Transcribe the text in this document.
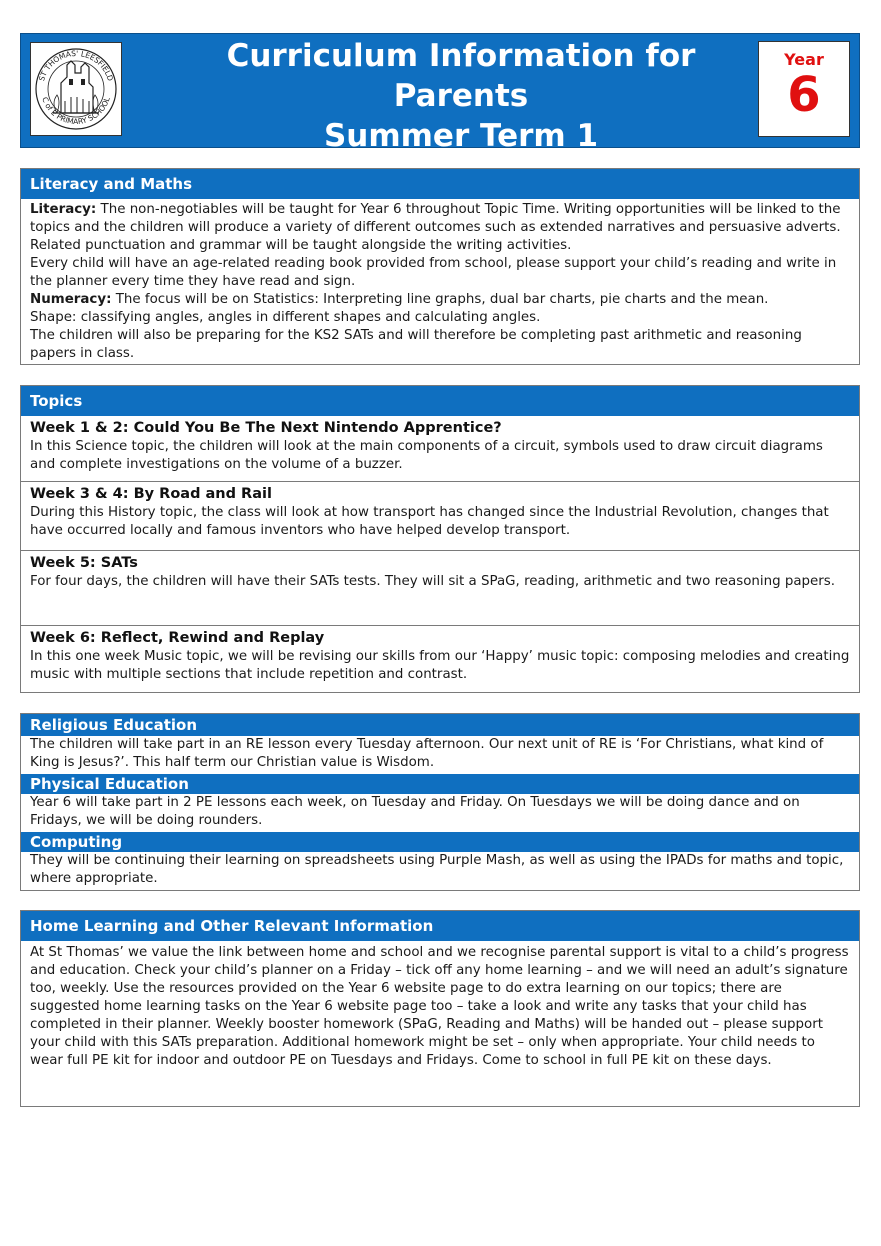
ST THOMAS' LEESFIELD
C of E PRIMARY SCHOOL
Curriculum Information for Parents
Summer Term 1
Year
6
Literacy and Maths
Literacy: The non-negotiables will be taught for Year 6 throughout Topic Time. Writing opportunities will be linked to the topics and the children will produce a variety of different outcomes such as extended narratives and persuasive adverts. Related punctuation and grammar will be taught alongside the writing activities.
Every child will have an age-related reading book provided from school, please support your child’s reading and write in the planner every time they have read and sign.
Numeracy: The focus will be on Statistics: Interpreting line graphs, dual bar charts, pie charts and the mean.
Shape: classifying angles, angles in different shapes and calculating angles.
The children will also be preparing for the KS2 SATs and will therefore be completing past arithmetic and reasoning papers in class.
Topics
Week 1 & 2: Could You Be The Next Nintendo Apprentice?

In this Science topic, the children will look at the main components of a circuit, symbols used to draw circuit diagrams and complete investigations on the volume of a buzzer.

Week 3 & 4: By Road and Rail

During this History topic, the class will look at how transport has changed since the Industrial Revolution, changes that have occurred locally and famous inventors who have helped develop transport.

Week 5: SATs

For four days, the children will have their SATs tests. They will sit a SPaG, reading, arithmetic and two reasoning papers.

Week 6: Reflect, Rewind and Replay

In this one week Music topic, we will be revising our skills from our ‘Happy’ music topic: composing melodies and creating music with multiple sections that include repetition and contrast.

Religious Education
The children will take part in an RE lesson every Tuesday afternoon. Our next unit of RE is ‘For Christians, what kind of King is Jesus?’. This half term our Christian value is Wisdom.
Physical Education
Year 6 will take part in 2 PE lessons each week, on Tuesday and Friday. On Tuesdays we will be doing dance and on Fridays, we will be doing rounders.
Computing
They will be continuing their learning on spreadsheets using Purple Mash, as well as using the IPADs for maths and topic, where appropriate.
Home Learning and Other Relevant Information
At St Thomas’ we value the link between home and school and we recognise parental support is vital to a child’s progress and education. Check your child’s planner on a Friday – tick off any home learning – and we will need an adult’s signature too, weekly. Use the resources provided on the Year 6 website page to do extra learning on our topics; there are suggested home learning tasks on the Year 6 website page too – take a look and write any tasks that your child has completed in their planner. Weekly booster homework (SPaG, Reading and Maths) will be handed out – please support your child with this SATs preparation. Additional homework might be set – only when appropriate. Your child needs to wear full PE kit for indoor and outdoor PE on Tuesdays and Fridays. Come to school in full PE kit on these days.
